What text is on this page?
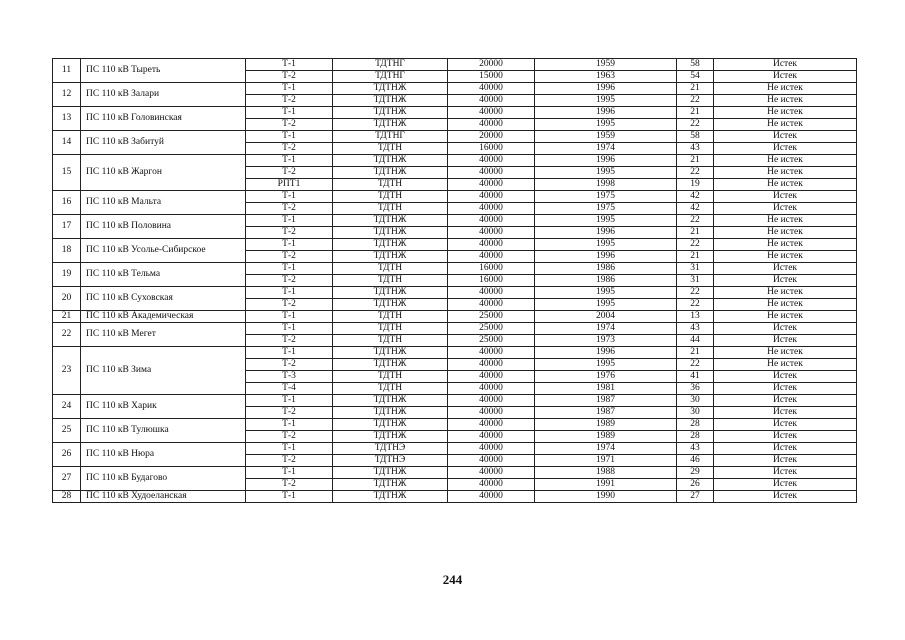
11	ПС 110 кВ Тыреть	Т-1	ТДТНГ	20000	1959	58	Истек
		Т-2	ТДТНГ	15000	1963	54	Истек
12	ПС 110 кВ Залари	Т-1	ТДТНЖ	40000	1996	21	Не истек
		Т-2	ТДТНЖ	40000	1995	22	Не истек
13	ПС 110 кВ Головинская	Т-1	ТДТНЖ	40000	1996	21	Не истек
		Т-2	ТДТНЖ	40000	1995	22	Не истек
14	ПС 110 кВ Забитуй	Т-1	ТДТНГ	20000	1959	58	Истек
		Т-2	ТДТН	16000	1974	43	Истек
15	ПС 110 кВ Жаргон	Т-1	ТДТНЖ	40000	1996	21	Не истек
		Т-2	ТДТНЖ	40000	1995	22	Не истек
		РПТ1	ТДТН	40000	1998	19	Не истек
16	ПС 110 кВ Мальта	Т-1	ТДТН	40000	1975	42	Истек
		Т-2	ТДТН	40000	1975	42	Истек
17	ПС 110 кВ Половина	Т-1	ТДТНЖ	40000	1995	22	Не истек
		Т-2	ТДТНЖ	40000	1996	21	Не истек
18	ПС 110 кВ Усолье-Сибирское	Т-1	ТДТНЖ	40000	1995	22	Не истек
		Т-2	ТДТНЖ	40000	1996	21	Не истек
19	ПС 110 кВ Тельма	Т-1	ТДТН	16000	1986	31	Истек
		Т-2	ТДТН	16000	1986	31	Истек
20	ПС 110 кВ Суховская	Т-1	ТДТНЖ	40000	1995	22	Не истек
		Т-2	ТДТНЖ	40000	1995	22	Не истек
21	ПС 110 кВ Академическая	Т-1	ТДТН	25000	2004	13	Не истек
22	ПС 110 кВ Мегет	Т-1	ТДТН	25000	1974	43	Истек
		Т-2	ТДТН	25000	1973	44	Истек
23	ПС 110 кВ Зима	Т-1	ТДТНЖ	40000	1996	21	Не истек
		Т-2	ТДТНЖ	40000	1995	22	Не истек
		Т-3	ТДТН	40000	1976	41	Истек
		Т-4	ТДТН	40000	1981	36	Истек
24	ПС 110 кВ Харик	Т-1	ТДТНЖ	40000	1987	30	Истек
		Т-2	ТДТНЖ	40000	1987	30	Истек
25	ПС 110 кВ Тулюшка	Т-1	ТДТНЖ	40000	1989	28	Истек
		Т-2	ТДТНЖ	40000	1989	28	Истек
26	ПС 110 кВ Нюра	Т-1	ТДТНЭ	40000	1974	43	Истек
		Т-2	ТДТНЭ	40000	1971	46	Истек
27	ПС 110 кВ Будагово	Т-1	ТДТНЖ	40000	1988	29	Истек
		Т-2	ТДТНЖ	40000	1991	26	Истек
28	ПС 110 кВ Худоеланская	Т-1	ТДТНЖ	40000	1990	27	Истек
244
